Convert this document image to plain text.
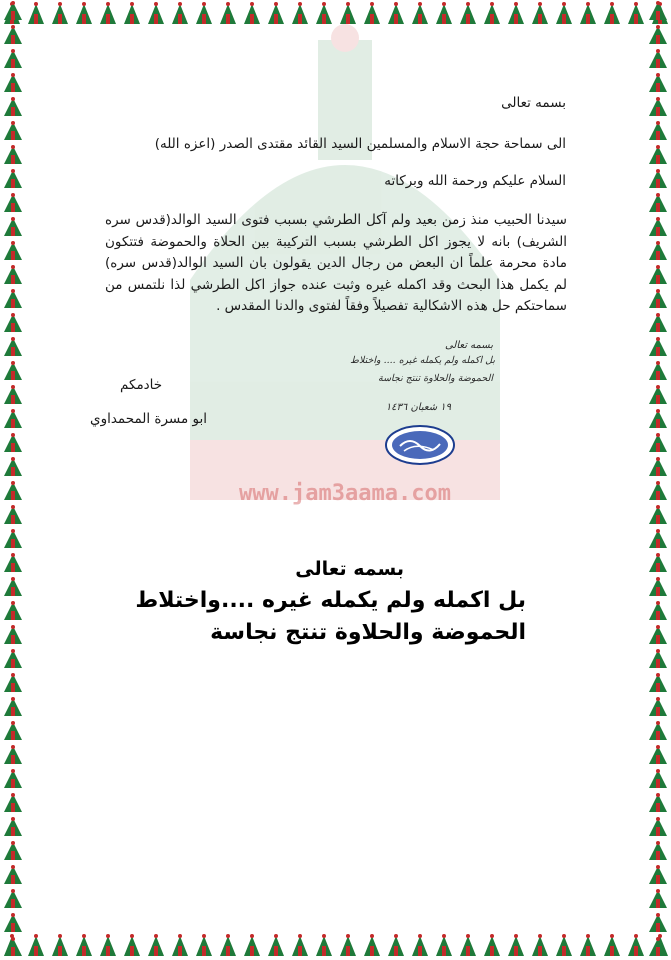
www.jam3aama.com
بسمه تعالى
الى سماحة حجة الاسلام والمسلمين السيد القائد مقتدى الصدر (اعزه الله)
السلام عليكم ورحمة الله وبركاته
سيدنا الحبيب منذ زمن بعيد ولم آكل الطرشي بسبب فتوى السيد الوالد(قدس سره الشريف) بانه لا يجوز اكل الطرشي بسبب التركيبة بين الحلاة والحموضة فتتكون مادة محرمة علماً ان البعض من رجال الدين يقولون بان السيد الوالد(قدس سره) لم يكمل هذا البحث وقد اكمله غيره وثبت عنده جواز اكل الطرشي لذا نلتمس من سماحتكم حل هذه الاشكالية تفصيلاً وفقاً لفتوى والدنا المقدس .
خادمكم
ابو مسرة المحمداوي
بسمه تعالى
بل اكمله ولم يكمله غيره .... واختلاط
الحموضة والحلاوة تنتج نجاسة
١٩ شعبان ١٤٣٦
بسمه تعالى
بل اكمله ولم يكمله غيره ....واختلاط
الحموضة والحلاوة تنتج نجاسة
